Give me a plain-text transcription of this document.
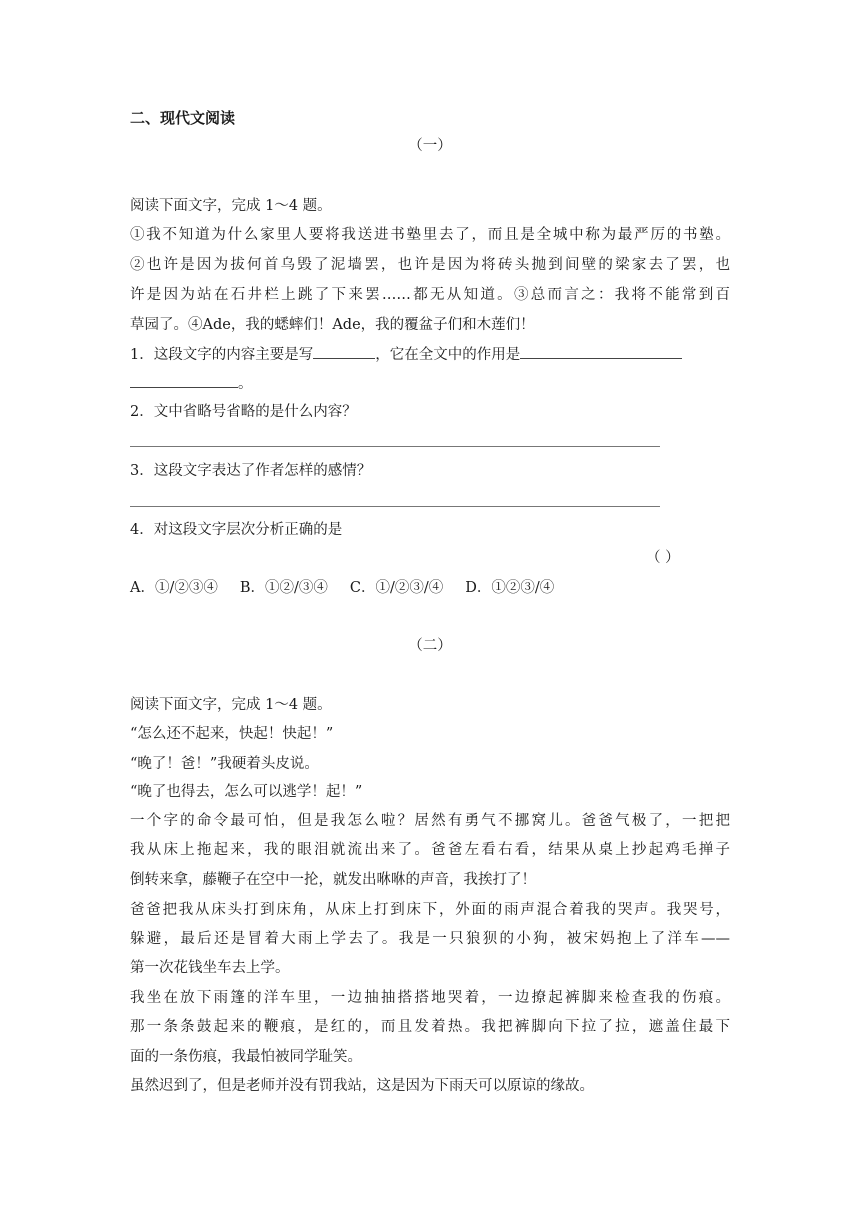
二、现代文阅读
（一）
阅读下面文字，完成 1～4 题。
①我不知道为什么家里人要将我送进书塾里去了，而且是全城中称为最严厉的书塾。
②也许是因为拔何首乌毁了泥墙罢，也许是因为将砖头抛到间壁的梁家去了罢，也
许是因为站在石井栏上跳了下来罢……都无从知道。③总而言之：我将不能常到百
草园了。④Ade，我的蟋蟀们！Ade，我的覆盆子们和木莲们！
1．这段文字的内容主要是写	，它在全文中的作用是
。
2．文中省略号省略的是什么内容？
3．这段文字表达了作者怎样的感情？
4．对这段文字层次分析正确的是
（ ）
A．①/②③④ B．①②/③④ C．①/②③/④ D．①②③/④
（二）
阅读下面文字，完成 1～4 题。
“怎么还不起来，快起！快起！”
“晚了！爸！”我硬着头皮说。
“晚了也得去，怎么可以逃学！起！”
一个字的命令最可怕，但是我怎么啦？居然有勇气不挪窝儿。爸爸气极了，一把把
我从床上拖起来，我的眼泪就流出来了。爸爸左看右看，结果从桌上抄起鸡毛掸子
倒转来拿，藤鞭子在空中一抡，就发出咻咻的声音，我挨打了！
爸爸把我从床头打到床角，从床上打到床下，外面的雨声混合着我的哭声。我哭号，
躲避，最后还是冒着大雨上学去了。我是一只狼狈的小狗，被宋妈抱上了洋车——
第一次花钱坐车去上学。
我坐在放下雨篷的洋车里，一边抽抽搭搭地哭着，一边撩起裤脚来检查我的伤痕。
那一条条鼓起来的鞭痕，是红的，而且发着热。我把裤脚向下拉了拉，遮盖住最下
面的一条伤痕，我最怕被同学耻笑。
虽然迟到了，但是老师并没有罚我站，这是因为下雨天可以原谅的缘故。
